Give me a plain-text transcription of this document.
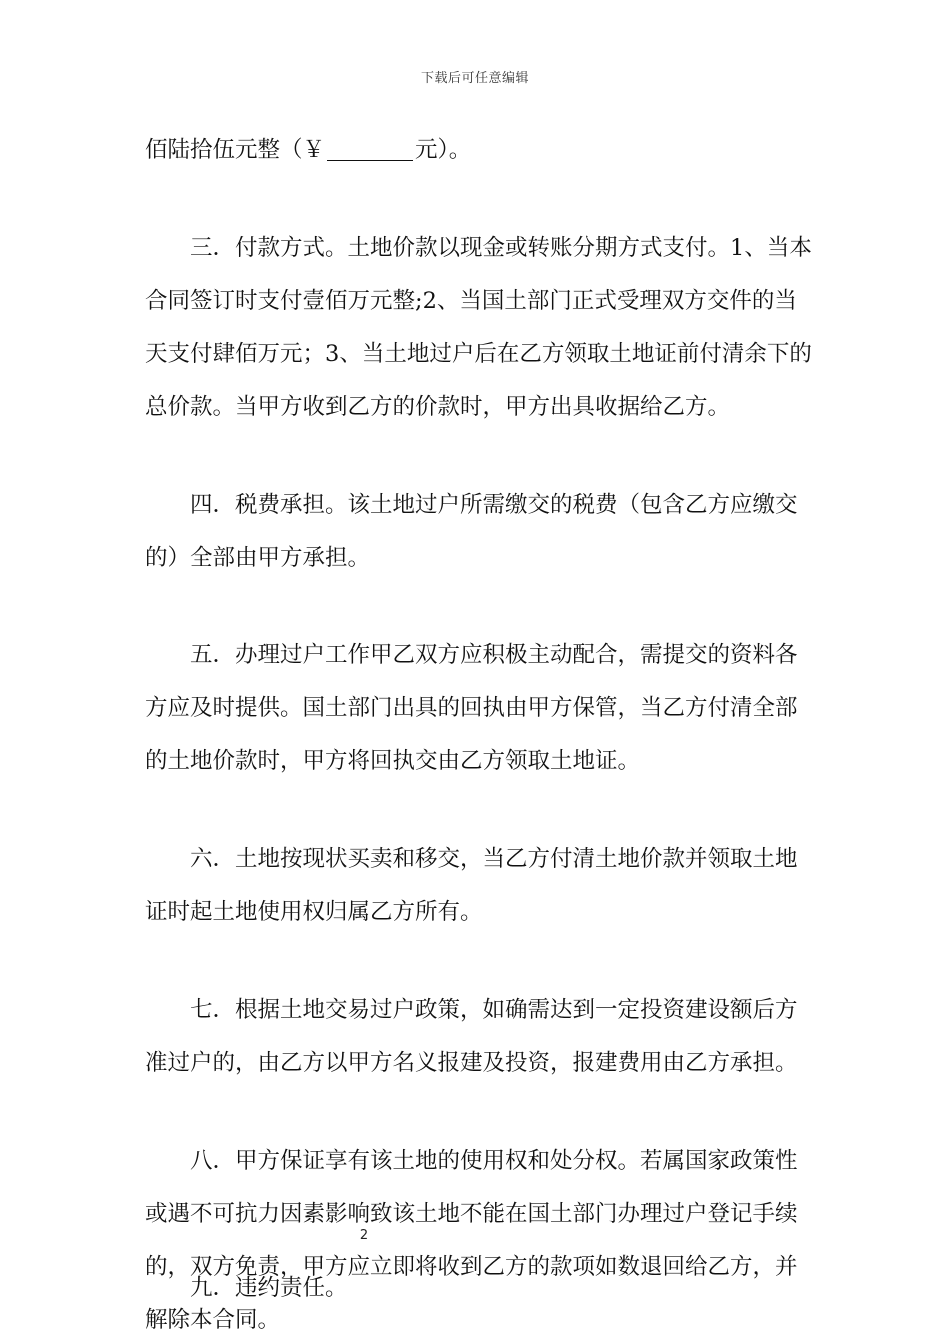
下载后可任意编辑
佰陆拾伍元整（￥	元）。
三．付款方式。土地价款以现金或转账分期方式支付。1、当本
合同签订时支付壹佰万元整;2、当国土部门正式受理双方交件的当
天支付肆佰万元；3、当土地过户后在乙方领取土地证前付清余下的
总价款。当甲方收到乙方的价款时，甲方出具收据给乙方。
四．税费承担。该土地过户所需缴交的税费（包含乙方应缴交
的）全部由甲方承担。
五．办理过户工作甲乙双方应积极主动配合，需提交的资料各
方应及时提供。国土部门出具的回执由甲方保管，当乙方付清全部
的土地价款时，甲方将回执交由乙方领取土地证。
六．土地按现状买卖和移交，当乙方付清土地价款并领取土地
证时起土地使用权归属乙方所有。
七．根据土地交易过户政策，如确需达到一定投资建设额后方
准过户的，由乙方以甲方名义报建及投资，报建费用由乙方承担。
八．甲方保证享有该土地的使用权和处分权。若属国家政策性
或遇不可抗力因素影响致该土地不能在国土部门办理过户登记手续
的，双方免责，甲方应立即将收到乙方的款项如数退回给乙方，并
解除本合同。
九．违约责任。
2
